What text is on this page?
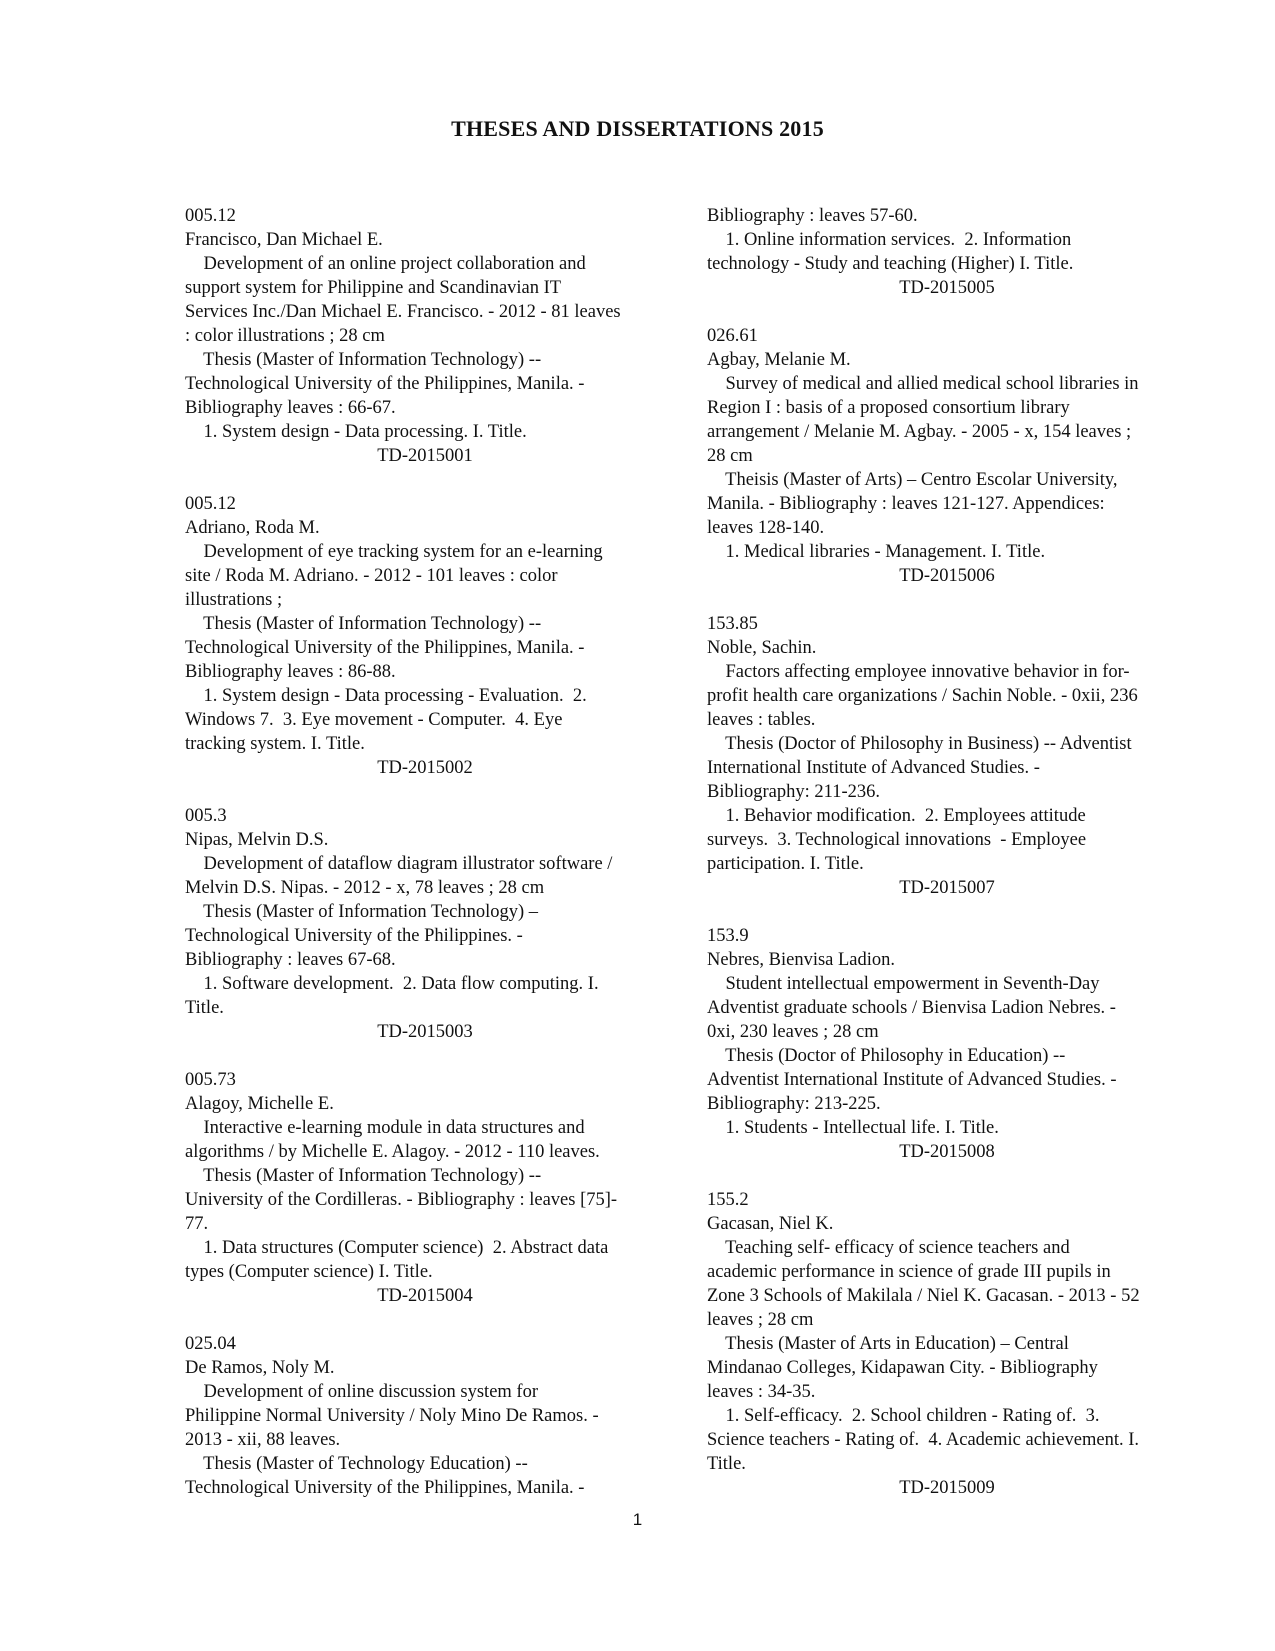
THESES AND DISSERTATIONS 2015
005.12
Francisco, Dan Michael E.
Development of an online project collaboration and
support system for Philippine and Scandinavian IT
Services Inc./Dan Michael E. Francisco. - 2012 - 81 leaves
: color illustrations ; 28 cm
Thesis (Master of Information Technology) --
Technological University of the Philippines, Manila. -
Bibliography leaves : 66-67.
1. System design - Data processing. I. Title.
TD-2015001
005.12
Adriano, Roda M.
Development of eye tracking system for an e-learning
site / Roda M. Adriano. - 2012 - 101 leaves : color
illustrations ;
Thesis (Master of Information Technology) --
Technological University of the Philippines, Manila. -
Bibliography leaves : 86-88.
1. System design - Data processing - Evaluation.  2.
Windows 7.  3. Eye movement - Computer.  4. Eye
tracking system. I. Title.
TD-2015002
005.3
Nipas, Melvin D.S.
Development of dataflow diagram illustrator software /
Melvin D.S. Nipas. - 2012 - x, 78 leaves ; 28 cm
Thesis (Master of Information Technology) –
Technological University of the Philippines. -
Bibliography : leaves 67-68.
1. Software development.  2. Data flow computing. I.
Title.
TD-2015003
005.73
Alagoy, Michelle E.
Interactive e-learning module in data structures and
algorithms / by Michelle E. Alagoy. - 2012 - 110 leaves.
Thesis (Master of Information Technology) --
University of the Cordilleras. - Bibliography : leaves [75]-
77.
1. Data structures (Computer science)  2. Abstract data
types (Computer science) I. Title.
TD-2015004
025.04
De Ramos, Noly M.
Development of online discussion system for
Philippine Normal University / Noly Mino De Ramos. -
2013 - xii, 88 leaves.
Thesis (Master of Technology Education) --
Technological University of the Philippines, Manila. -
Bibliography : leaves 57-60.
1. Online information services.  2. Information
technology - Study and teaching (Higher) I. Title.
TD-2015005
026.61
Agbay, Melanie M.
Survey of medical and allied medical school libraries in
Region I : basis of a proposed consortium library
arrangement / Melanie M. Agbay. - 2005 - x, 154 leaves ;
28 cm
Theisis (Master of Arts) – Centro Escolar University,
Manila. - Bibliography : leaves 121-127. Appendices:
leaves 128-140.
1. Medical libraries - Management. I. Title.
TD-2015006
153.85
Noble, Sachin.
Factors affecting employee innovative behavior in for-
profit health care organizations / Sachin Noble. - 0xii, 236
leaves : tables.
Thesis (Doctor of Philosophy in Business) -- Adventist
International Institute of Advanced Studies. -
Bibliography: 211-236.
1. Behavior modification.  2. Employees attitude
surveys.  3. Technological innovations  - Employee
participation. I. Title.
TD-2015007
153.9
Nebres, Bienvisa Ladion.
Student intellectual empowerment in Seventh-Day
Adventist graduate schools / Bienvisa Ladion Nebres. -
0xi, 230 leaves ; 28 cm
Thesis (Doctor of Philosophy in Education) --
Adventist International Institute of Advanced Studies. -
Bibliography: 213-225.
1. Students - Intellectual life. I. Title.
TD-2015008
155.2
Gacasan, Niel K.
Teaching self- efficacy of science teachers and
academic performance in science of grade III pupils in
Zone 3 Schools of Makilala / Niel K. Gacasan. - 2013 - 52
leaves ; 28 cm
Thesis (Master of Arts in Education) – Central
Mindanao Colleges, Kidapawan City. - Bibliography
leaves : 34-35.
1. Self-efficacy.  2. School children - Rating of.  3.
Science teachers - Rating of.  4. Academic achievement. I.
Title.
TD-2015009
1
